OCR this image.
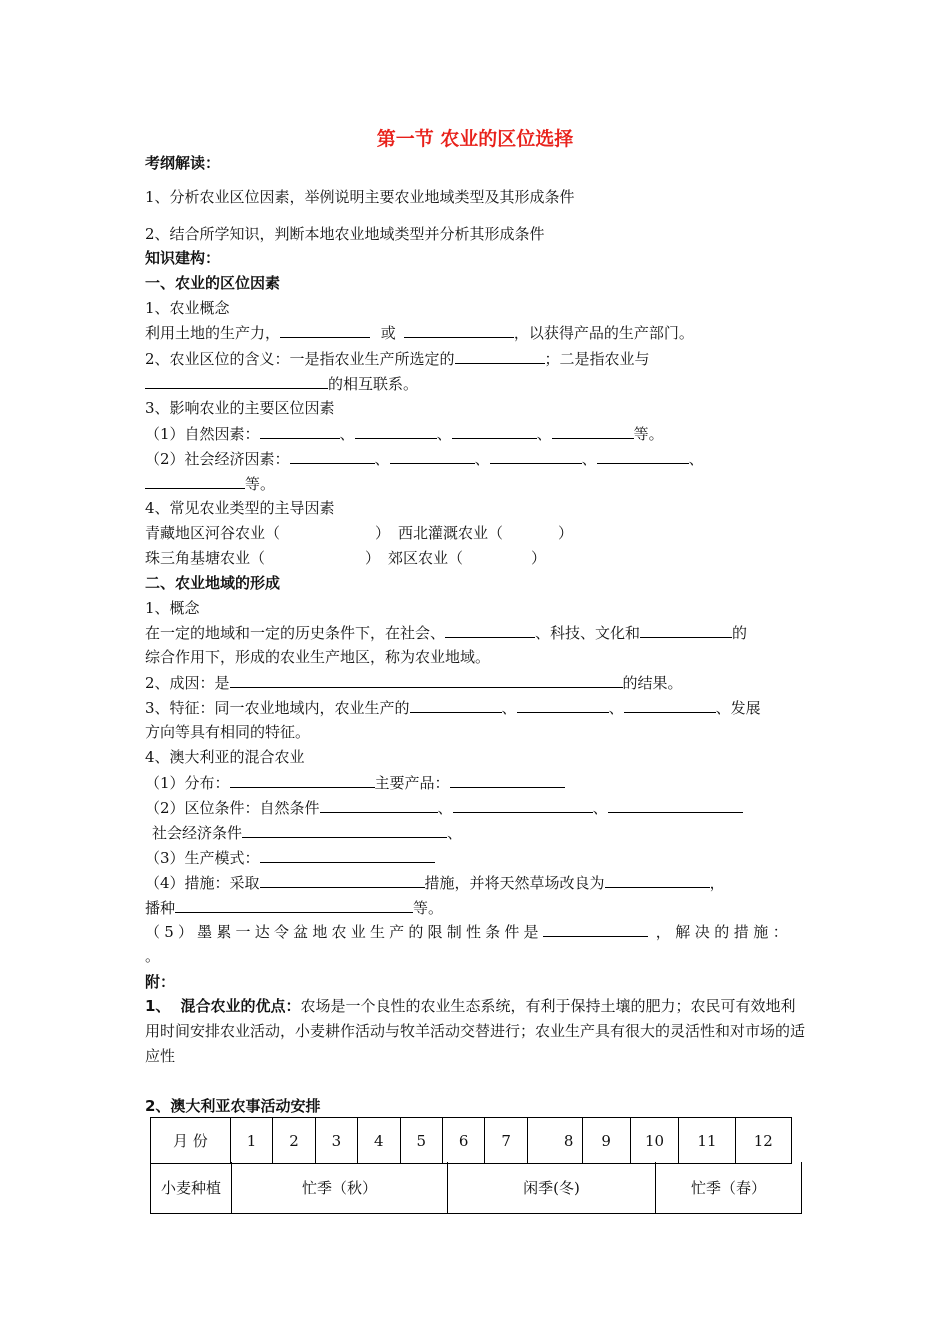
第一节 农业的区位选择
考纲解读：
1、分析农业区位因素，举例说明主要农业地域类型及其形成条件
2、结合所学知识，判断本地农业地域类型并分析其形成条件
知识建构：
一、农业的区位因素
1、农业概念
利用土地的生产力，	或	，以获得产品的生产部门。
2、农业区位的含义：一是指农业生产所选定的	；二是指农业与
的相互联系。
3、影响农业的主要区位因素
（1）自然因素：	、	、	、	等。
（2）社会经济因素：	、	、	、	、
等。
4、常见农业类型的主导因素
青藏地区河谷农业（	） 西北灌溉农业（	）
珠三角基塘农业（	） 郊区农业（	）
二、农业地域的形成
1、概念
在一定的地域和一定的历史条件下，在社会、	、科技、文化和	的
综合作用下，形成的农业生产地区，称为农业地域。
2、成因：是	的结果。
3、特征：同一农业地域内，农业生产的	、	、	、发展
方向等具有相同的特征。
4、澳大利亚的混合农业
（1）分布：	主要产品：
（2）区位条件：自然条件	、	、
社会经济条件	、
（3）生产模式：
（4）措施：采取	措施，并将天然草场改良为	，
播种	等。
（5）墨累一达令盆地农业生产的限制性条件是	，解决的措施：
。
附：
1、 混合农业的优点：农场是一个良性的农业生态系统，有利于保持土壤的肥力；农民可有效地利用时间安排农业活动，小麦耕作活动与牧羊活动交替进行；农业生产具有很大的灵活性和对市场的适应性
2、澳大利亚农事活动安排
月 份	1	2	3	4	5	6	7	8	9	10	11	12
小麦种植	忙季（秋）	闲季(冬)	忙季（春）
